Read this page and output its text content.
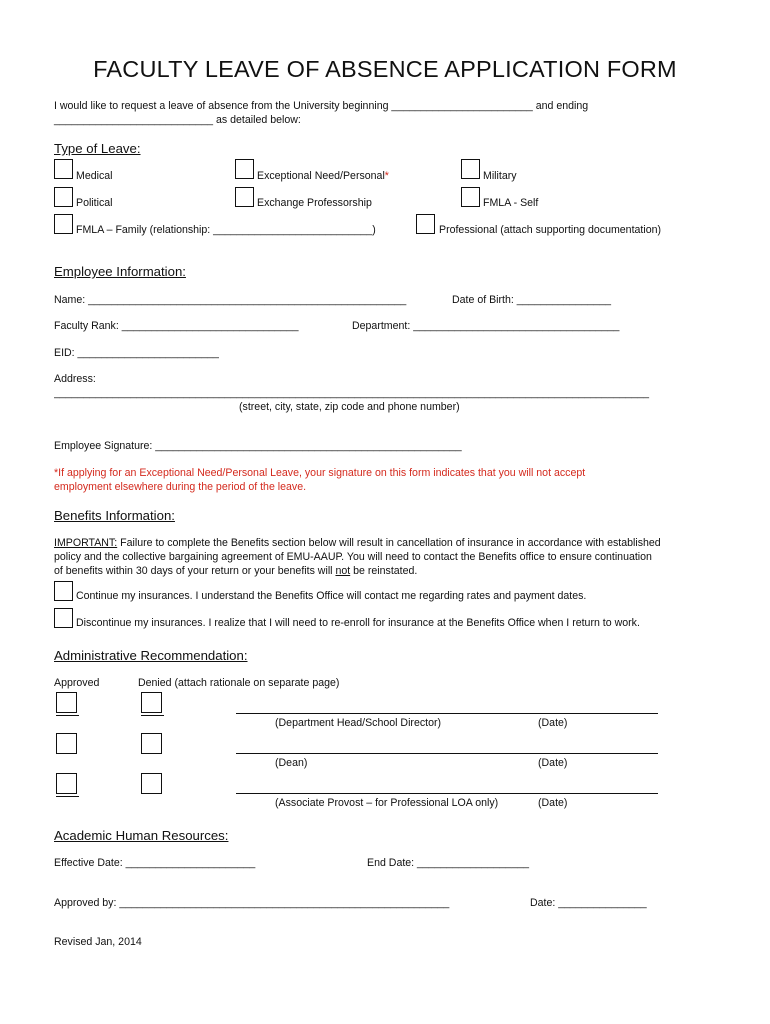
FACULTY LEAVE OF ABSENCE APPLICATION FORM
I would like to request a leave of absence from the University beginning ________________________ and ending
___________________________ as detailed below:
Type of Leave:
Medical	Exceptional Need/Personal*	Military
Political	Exchange Professorship	FMLA - Self
FMLA – Family (relationship: ___________________________)	Professional (attach supporting documentation)
Employee Information:
Name: ______________________________________________________	Date of Birth: ________________
Faculty Rank: ______________________________	Department: ___________________________________
EID: ________________________
Address:
_____________________________________________________________________________________________________
(street, city, state, zip code and phone number)
Employee Signature: ____________________________________________________
*If applying for an Exceptional Need/Personal Leave, your signature on this form indicates that you will not accept
employment elsewhere during the period of the leave.
Benefits Information:
IMPORTANT: Failure to complete the Benefits section below will result in cancellation of insurance in accordance with established
policy and the collective bargaining agreement of EMU-AAUP. You will need to contact the Benefits office to ensure continuation
of benefits within 30 days of your return or your benefits will not be reinstated.
Continue my insurances. I understand the Benefits Office will contact me regarding rates and payment dates.
Discontinue my insurances. I realize that I will need to re-enroll for insurance at the Benefits Office when I return to work.
Administrative Recommendation:
Approved	Denied (attach rationale on separate page)
(Department Head/School Director)	(Date)
(Dean)	(Date)
(Associate Provost – for Professional LOA only)	(Date)
Academic Human Resources:
Effective Date: ______________________	End Date: ___________________
Approved by: ________________________________________________________	Date: _______________
Revised Jan, 2014
